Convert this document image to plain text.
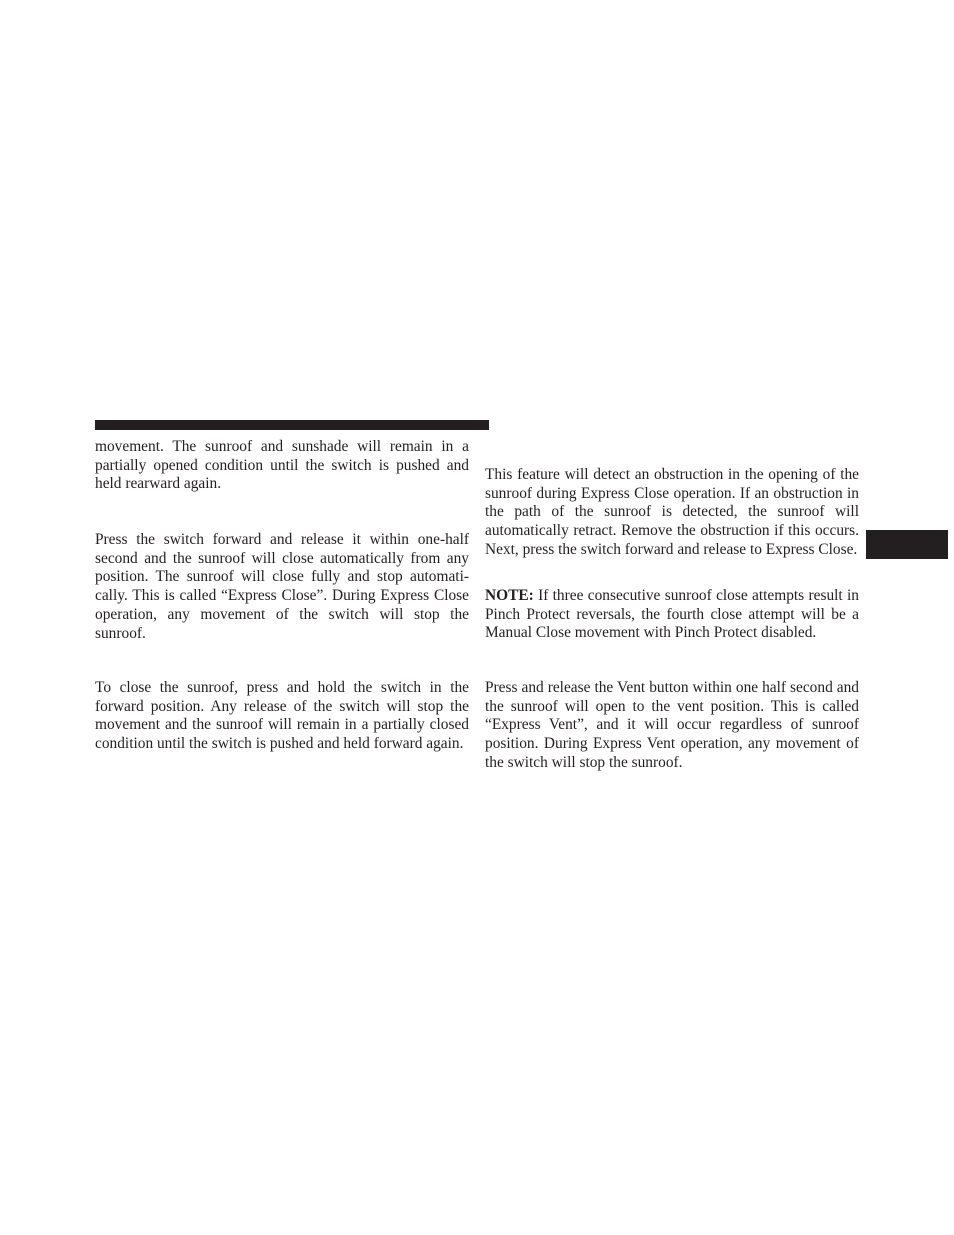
movement. The sunroof and sunshade will remain in a partially opened condition until the switch is pushed and held rearward again.

Press the switch forward and release it within one-half second and the sunroof will close automatically from any position. The sunroof will close fully and stop automatically. This is called “Express Close”. During Express Close operation, any movement of the switch will stop the sunroof.

To close the sunroof, press and hold the switch in the forward position. Any release of the switch will stop the movement and the sunroof will remain in a partially closed condition until the switch is pushed and held forward again.

This feature will detect an obstruction in the opening of the sunroof during Express Close operation. If an obstruction in the path of the sunroof is detected, the sunroof will automatically retract. Remove the obstruction if this occurs. Next, press the switch forward and release to Express Close.

NOTE: If three consecutive sunroof close attempts result in Pinch Protect reversals, the fourth close attempt will be a Manual Close movement with Pinch Protect disabled.

Press and release the Vent button within one half second and the sunroof will open to the vent position. This is called “Express Vent”, and it will occur regardless of sunroof position. During Express Vent operation, any movement of the switch will stop the sunroof.
